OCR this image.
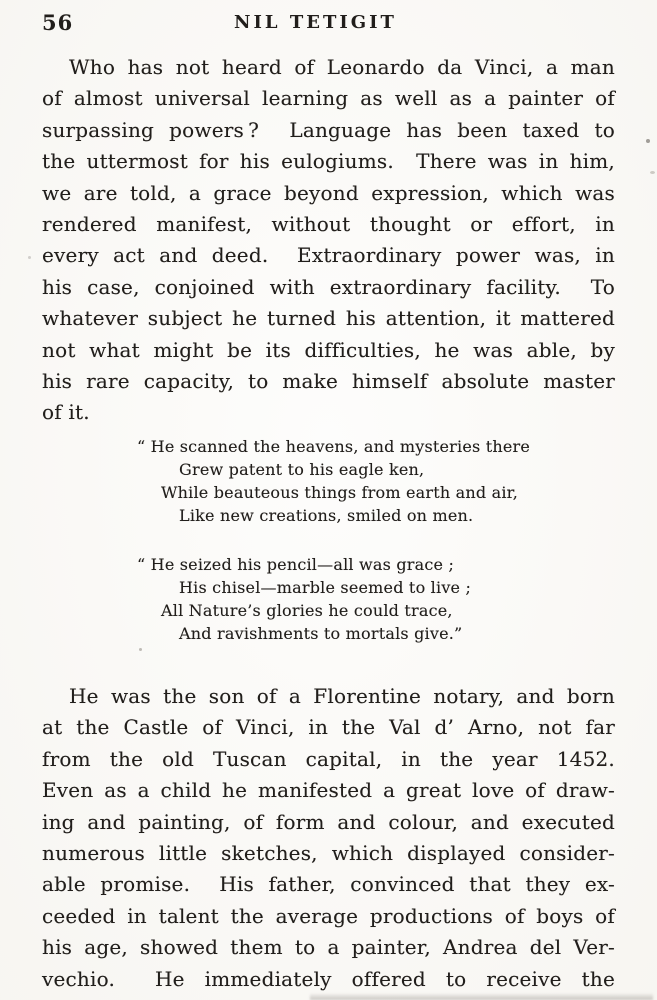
56	NIL TETIGIT

Who has not heard of Leonardo da Vinci, a man
of almost universal learning as well as a painter of
surpassing powers ?  Language has been taxed to
the uttermost for his eulogiums.  There was in him,
we are told, a grace beyond expression, which was
rendered manifest, without thought or effort, in
every act and deed.  Extraordinary power was, in
his case, conjoined with extraordinary facility.  To
whatever subject he turned his attention, it mattered
not what might be its difficulties, he was able, by
his rare capacity, to make himself absolute master
of it.

“ He scanned the heavens, and mysteries there
Grew patent to his eagle ken,
While beauteous things from earth and air,
Like new creations, smiled on men.
“ He seized his pencil—all was grace ;
His chisel—marble seemed to live ;
All Nature’s glories he could trace,
And ravishments to mortals give.”

He was the son of a Florentine notary, and born
at the Castle of Vinci, in the Val d’ Arno, not far
from the old Tuscan capital, in the year 1452.
Even as a child he manifested a great love of draw-
ing and painting, of form and colour, and executed
numerous little sketches, which displayed consider-
able promise.  His father, convinced that they ex-
ceeded in talent the average productions of boys of
his age, showed them to a painter, Andrea del Ver-
vechio.  He immediately offered to receive the
